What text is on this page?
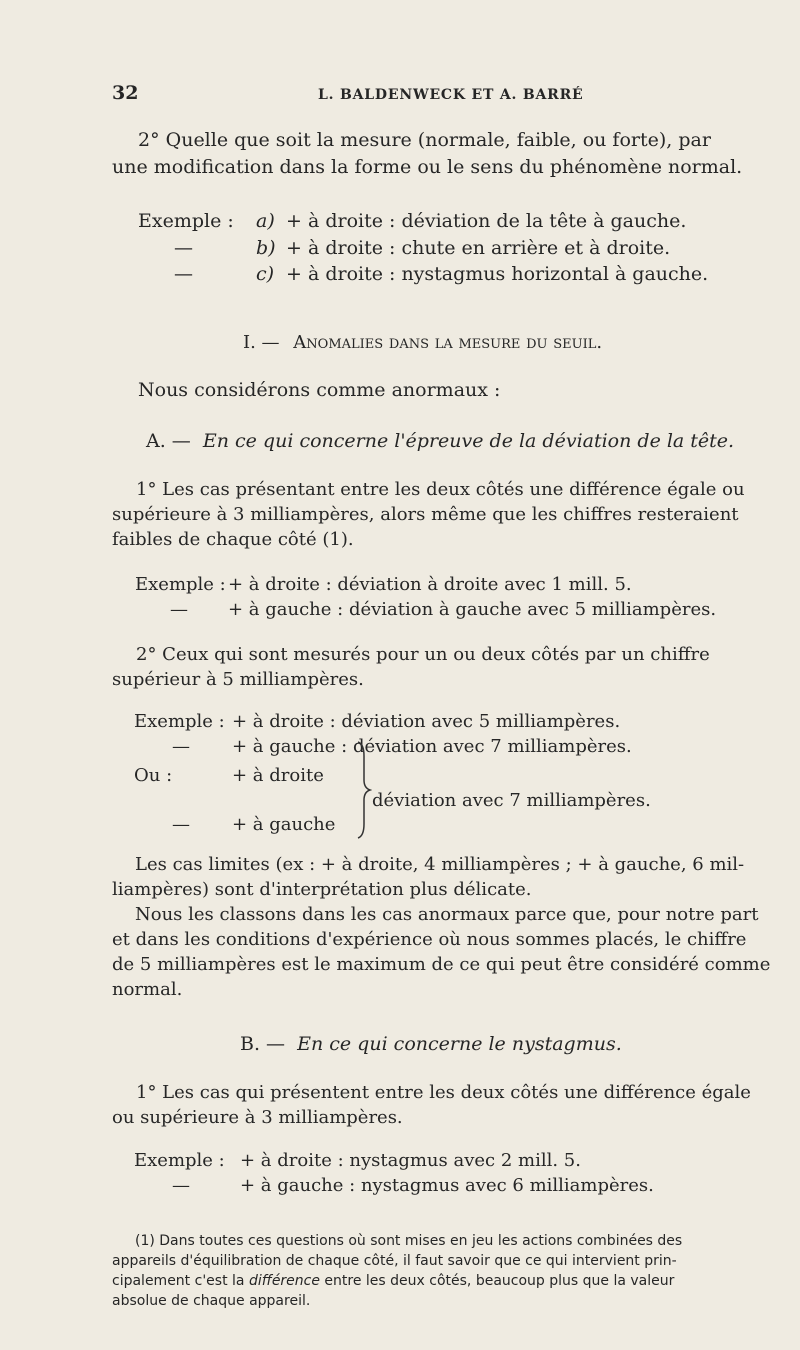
32	L. BALDENWECK ET A. BARRÉ
2° Quelle que soit la mesure (normale, faible, ou forte), par
une modification dans la forme ou le sens du phénomène normal.
Exemple : a) + à droite : déviation de la tête à gauche.
—	b) + à droite : chute en arrière et à droite.
—	c) + à droite : nystagmus horizontal à gauche.
I. — Anomalies dans la mesure du seuil.
Nous considérons comme anormaux :
A. — En ce qui concerne l'épreuve de la déviation de la tête.
1° Les cas présentant entre les deux côtés une différence égale ou
supérieure à 3 milliampères, alors même que les chiffres resteraient
faibles de chaque côté (1).
Exemple : + à droite : déviation à droite avec 1 mill. 5.
— + à gauche : déviation à gauche avec 5 milliampères.
2° Ceux qui sont mesurés pour un ou deux côtés par un chiffre
supérieur à 5 milliampères.
Exemple : + à droite : déviation avec 5 milliampères.
— + à gauche : déviation avec 7 milliampères.
Ou :	+ à droite
— + à gauche
déviation avec 7 milliampères.
Les cas limites (ex : + à droite, 4 milliampères ; + à gauche, 6 mil-
liampères) sont d'interprétation plus délicate.
Nous les classons dans les cas anormaux parce que, pour notre part
et dans les conditions d'expérience où nous sommes placés, le chiffre
de 5 milliampères est le maximum de ce qui peut être considéré comme
normal.
B. — En ce qui concerne le nystagmus.
1° Les cas qui présentent entre les deux côtés une différence égale
ou supérieure à 3 milliampères.
Exemple : + à droite : nystagmus avec 2 mill. 5.
—	+ à gauche : nystagmus avec 6 milliampères.
(1) Dans toutes ces questions où sont mises en jeu les actions combinées des
appareils d'équilibration de chaque côté, il faut savoir que ce qui intervient prin-
cipalement c'est la différence entre les deux côtés, beaucoup plus que la valeur
absolue de chaque appareil.
